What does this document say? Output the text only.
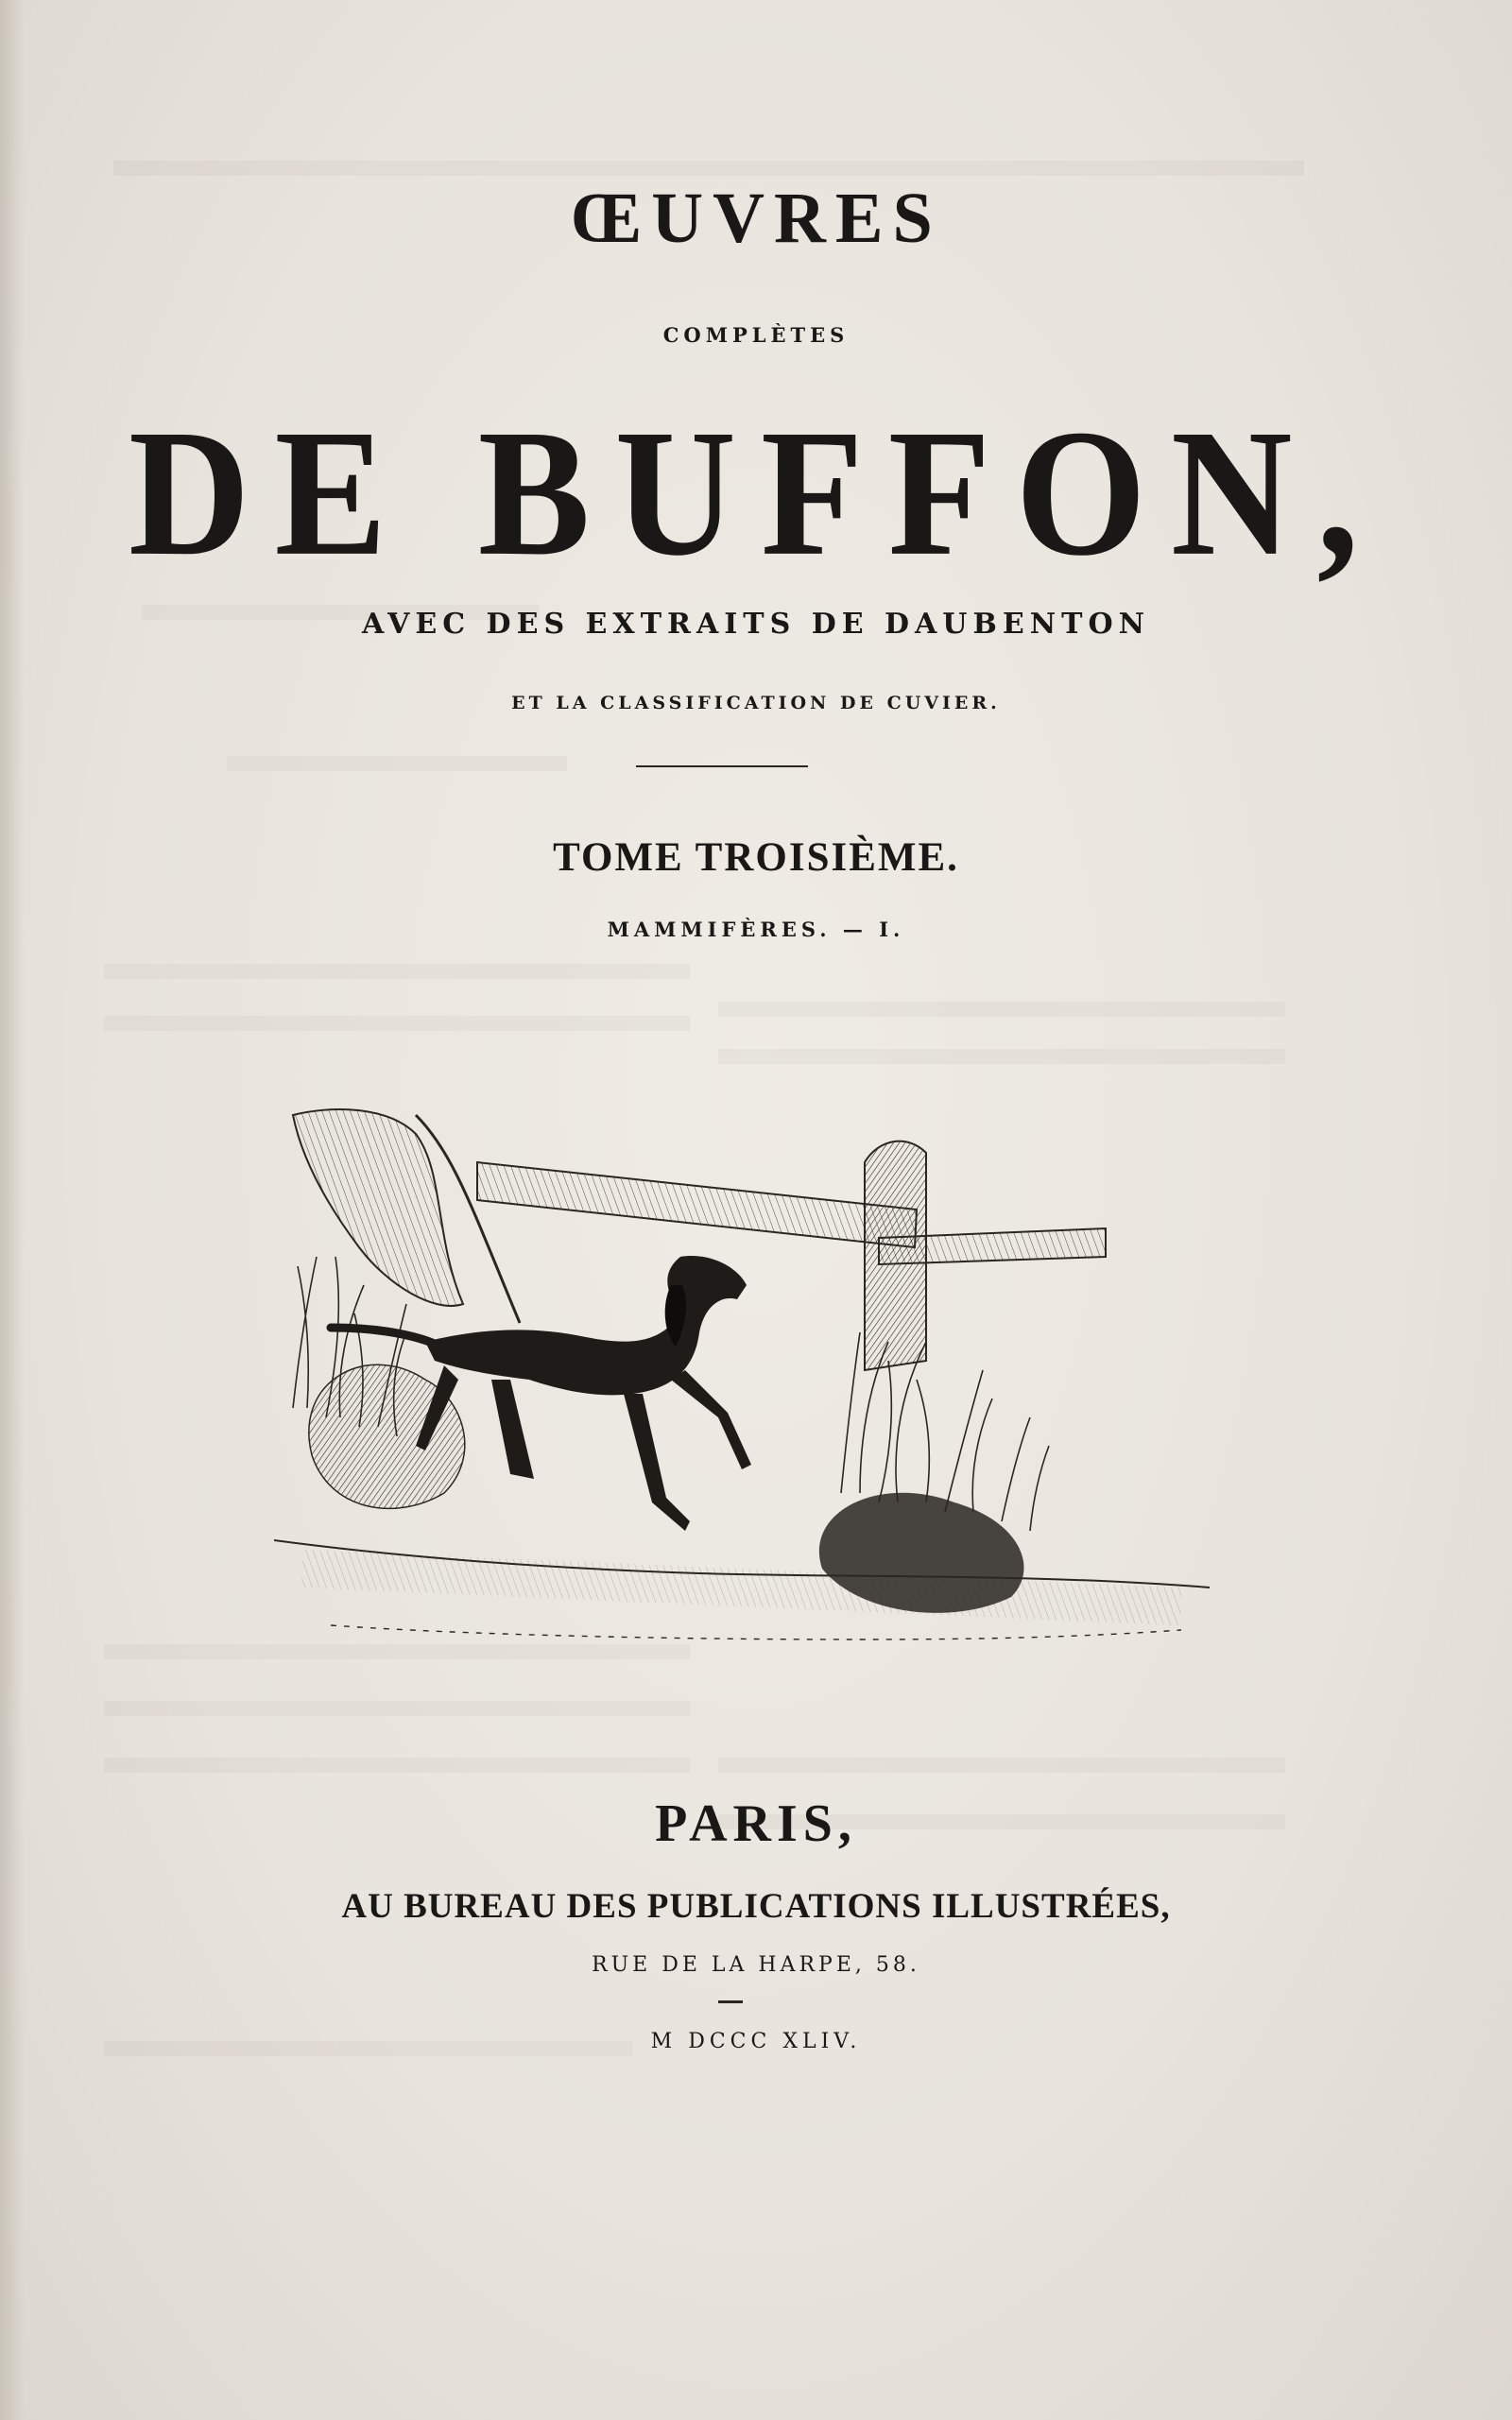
ŒUVRES
COMPLÈTES
DE BUFFON,
AVEC DES EXTRAITS DE DAUBENTON
ET LA CLASSIFICATION DE CUVIER.
TOME TROISIÈME.
MAMMIFÈRES. — I.
PARIS,
AU BUREAU DES PUBLICATIONS ILLUSTRÉES,
RUE DE LA HARPE, 58.
M DCCC XLIV.
